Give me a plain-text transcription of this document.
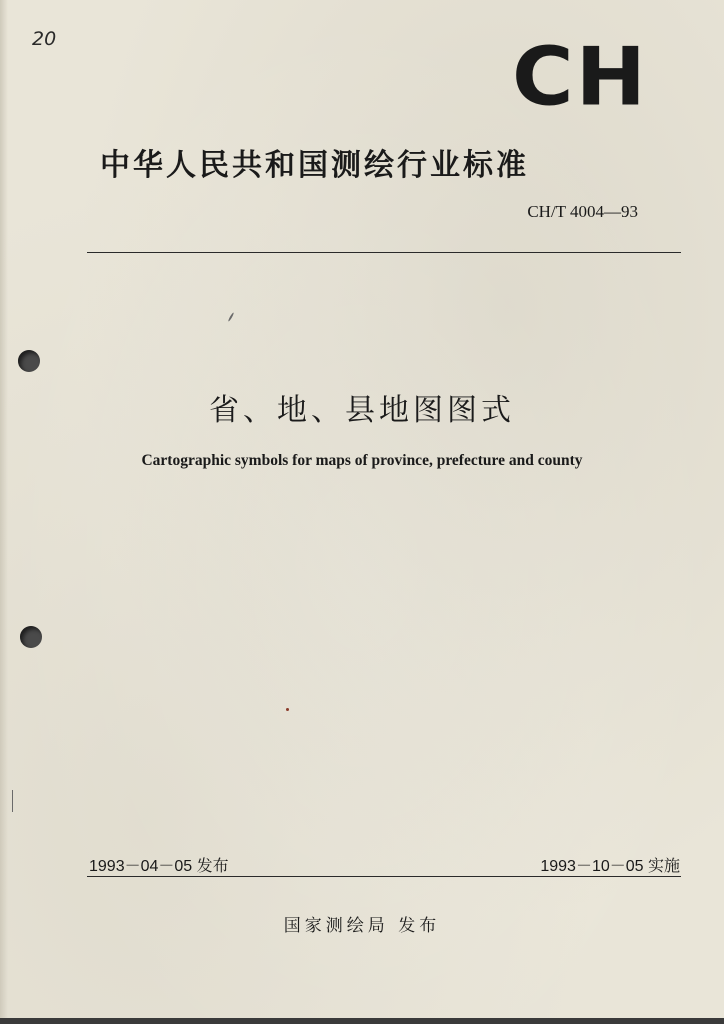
20	CH
中华人民共和国测绘行业标准
CH/T 4004—93
省、地、县地图图式
Cartographic symbols for maps of province, prefecture and county
1993－04－05 发布	1993－10－05 实施
国家测绘局 发布
